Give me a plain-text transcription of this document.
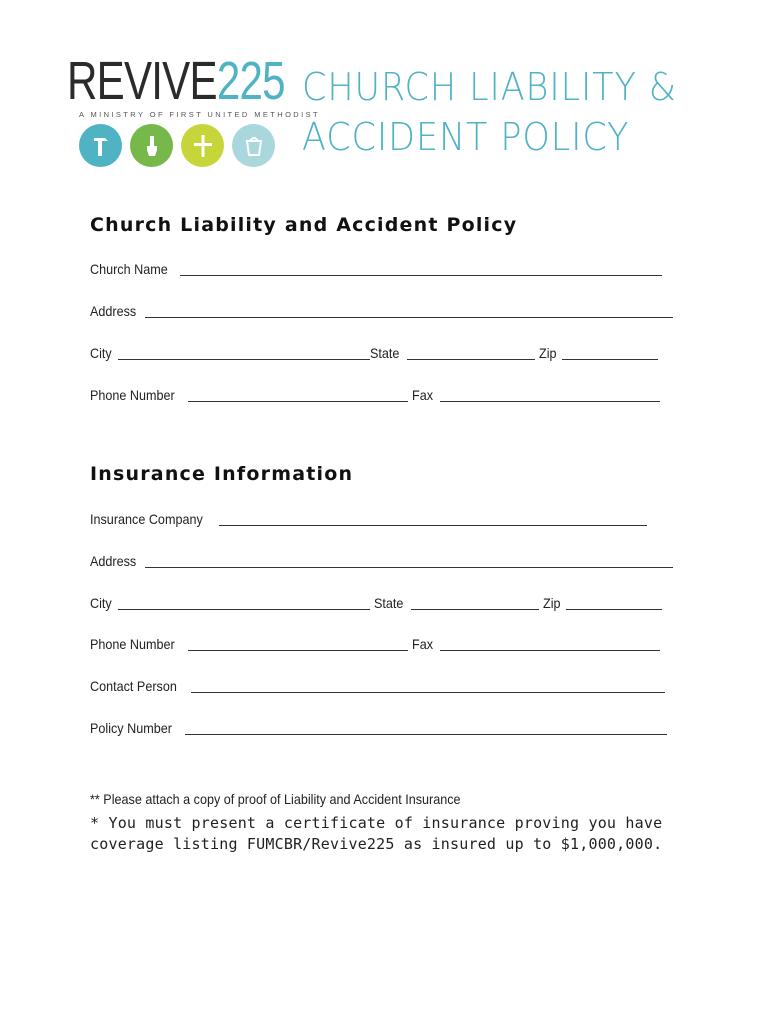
REVIVE225
A MINISTRY OF FIRST UNITED METHODIST
CHURCH LIABILITY &
ACCIDENT POLICY
Church Liability and Accident Policy
Church Name
Address
City	State	Zip
Phone Number	Fax
Insurance Information
Insurance Company
Address
City	State	Zip
Phone Number	Fax
Contact Person
Policy Number
** Please attach a copy of proof of Liability and Accident Insurance
* You must present a certificate of insurance proving you have coverage listing FUMCBR/Revive225 as insured up to $1,000,000.
